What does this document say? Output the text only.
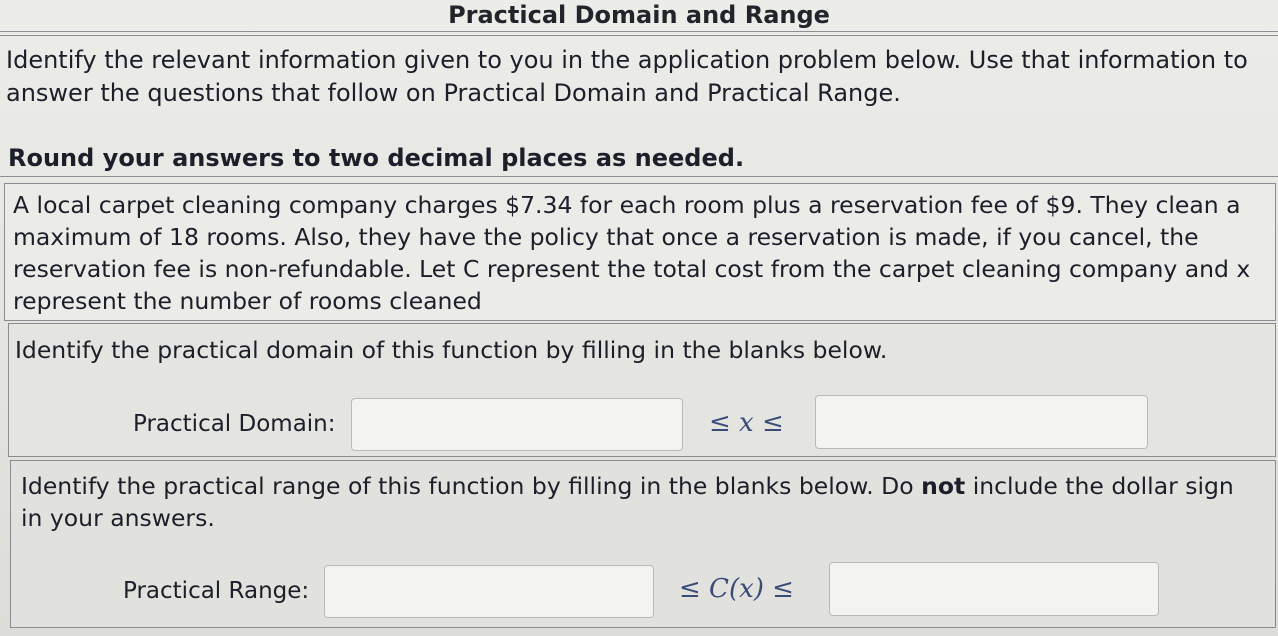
Practical Domain and Range
Identify the relevant information given to you in the application problem below. Use that information to answer the questions that follow on Practical Domain and Practical Range.
Round your answers to two decimal places as needed.
A local carpet cleaning company charges $7.34 for each room plus a reservation fee of $9. They clean a maximum of 18 rooms. Also, they have the policy that once a reservation is made, if you cancel, the reservation fee is non-refundable. Let C represent the total cost from the carpet cleaning company and x represent the number of rooms cleaned
Identify the practical domain of this function by filling in the blanks below.
Practical Domain:	≤ x ≤
Identify the practical range of this function by filling in the blanks below. Do not include the dollar sign in your answers.
Practical Range:	≤ C(x) ≤
